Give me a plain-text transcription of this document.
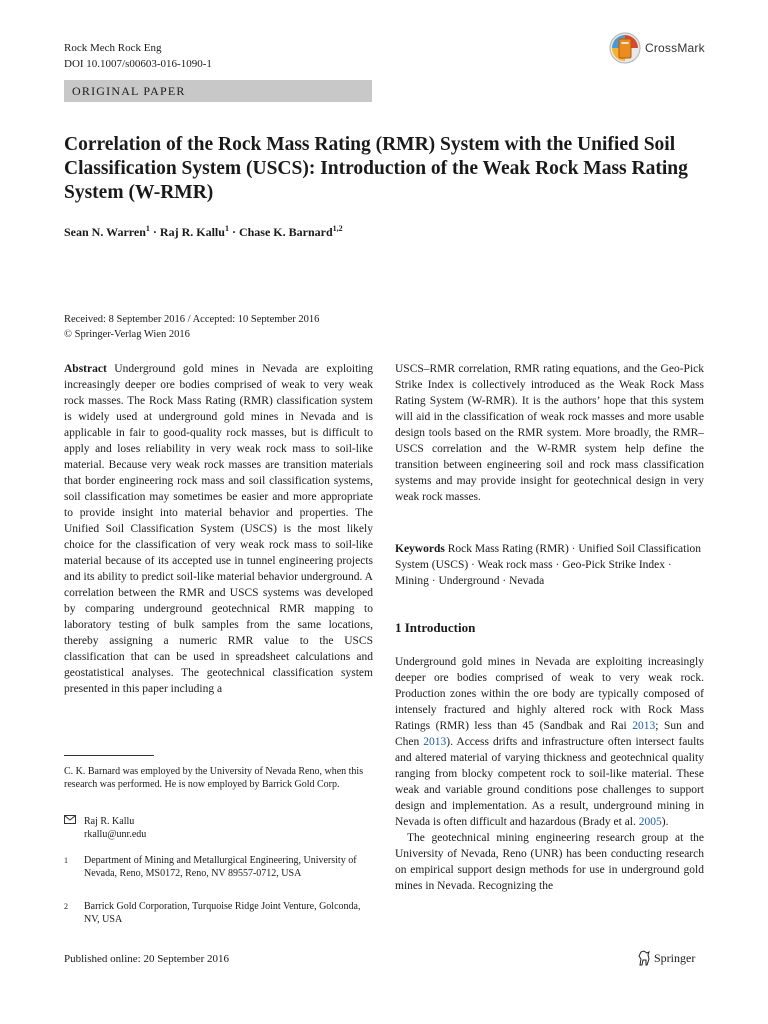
Rock Mech Rock Eng
DOI 10.1007/s00603-016-1090-1
CrossMark
ORIGINAL PAPER
Correlation of the Rock Mass Rating (RMR) System with the Unified Soil Classification System (USCS): Introduction of the Weak Rock Mass Rating System (W-RMR)
Sean N. Warren$^1$ · Raj R. Kallu$^1$ · Chase K. Barnard$^{1,2}$
Received: 8 September 2016 / Accepted: 10 September 2016
© Springer-Verlag Wien 2016
Abstract Underground gold mines in Nevada are exploiting increasingly deeper ore bodies comprised of weak to very weak rock masses. The Rock Mass Rating (RMR) classification system is widely used at underground gold mines in Nevada and is applicable in fair to good-quality rock masses, but is difficult to apply and loses reliability in very weak rock mass to soil-like material. Because very weak rock masses are transition materials that border engineering rock mass and soil classification systems, soil classification may sometimes be easier and more appropriate to provide insight into material behavior and properties. The Unified Soil Classification System (USCS) is the most likely choice for the classification of very weak rock mass to soil-like material because of its accepted use in tunnel engineering projects and its ability to predict soil-like material behavior underground. A correlation between the RMR and USCS systems was developed by comparing underground geotechnical RMR mapping to laboratory testing of bulk samples from the same locations, thereby assigning a numeric RMR value to the USCS classification that can be used in spreadsheet calculations and geostatistical analyses. The geotechnical classification system presented in this paper including a
USCS–RMR correlation, RMR rating equations, and the Geo-Pick Strike Index is collectively introduced as the Weak Rock Mass Rating System (W-RMR). It is the authors’ hope that this system will aid in the classification of weak rock masses and more usable design tools based on the RMR system. More broadly, the RMR–USCS correlation and the W-RMR system help define the transition between engineering soil and rock mass classification systems and may provide insight for geotechnical design in very weak rock masses.
Keywords Rock Mass Rating (RMR) · Unified Soil Classification System (USCS) · Weak rock mass · Geo-Pick Strike Index · Mining · Underground · Nevada
1 Introduction
Underground gold mines in Nevada are exploiting increasingly deeper ore bodies comprised of weak to very weak rock. Production zones within the ore body are typically composed of intensely fractured and highly altered rock with Rock Mass Ratings (RMR) less than 45 (Sandbak and Rai 2013; Sun and Chen 2013). Access drifts and infrastructure often intersect faults and altered material of varying thickness and geotechnical quality ranging from blocky competent rock to soil-like material. These weak and variable ground conditions pose challenges to support design and implementation. As a result, underground mining in Nevada is often difficult and hazardous (Brady et al. 2005).
The geotechnical mining engineering research group at the University of Nevada, Reno (UNR) has been conducting research on empirical support design methods for use in underground gold mines in Nevada. Recognizing the
C. K. Barnard was employed by the University of Nevada Reno, when this research was performed. He is now employed by Barrick Gold Corp.
Raj R. Kallu
rkallu@unr.edu
1	Department of Mining and Metallurgical Engineering, University of Nevada, Reno, MS0172, Reno, NV 89557-0712, USA
2	Barrick Gold Corporation, Turquoise Ridge Joint Venture, Golconda, NV, USA
Published online: 20 September 2016	Springer
